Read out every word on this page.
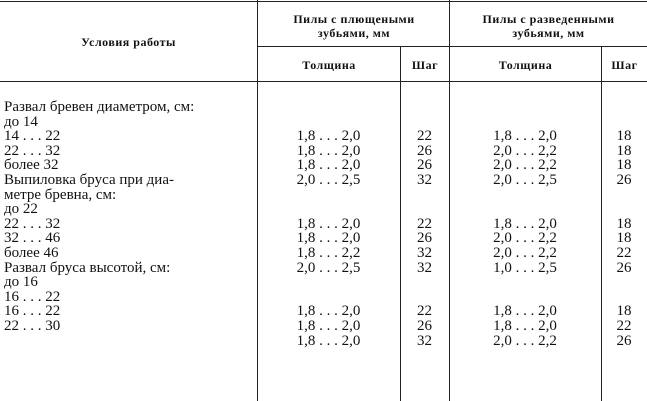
Условия работы
Пилы с плющеными
зубьями, мм
Пилы с разведенными
зубьями, мм
Толщина	Шаг	Толщина	Шаг
Развал бревен диаметром, см:				
до 14				
14 . . . 22	1,8 . . . 2,0	22	1,8 . . . 2,0	18
22 . . . 32	1,8 . . . 2,0	26	2,0 . . . 2,2	18
более 32	1,8 . . . 2,0	26	2,0 . . . 2,2	18
Выпиловка бруса при диа-	2,0 . . . 2,5	32	2,0 . . . 2,5	26
метре бревна, см:				
до 22				
22 . . . 32	1,8 . . . 2,0	22	1,8 . . . 2,0	18
32 . . . 46	1,8 . . . 2,0	26	2,0 . . . 2,2	18
более 46	1,8 . . . 2,2	32	2,0 . . . 2,2	22
Развал бруса высотой, см:	2,0 . . . 2,5	32	1,0 . . . 2,5	26
до 16				
16 . . . 22				
16 . . . 22	1,8 . . . 2,0	22	1,8 . . . 2,0	18
22 . . . 30	1,8 . . . 2,0	26	1,8 . . . 2,0	22
	1,8 . . . 2,0	32	2,0 . . . 2,2	26
